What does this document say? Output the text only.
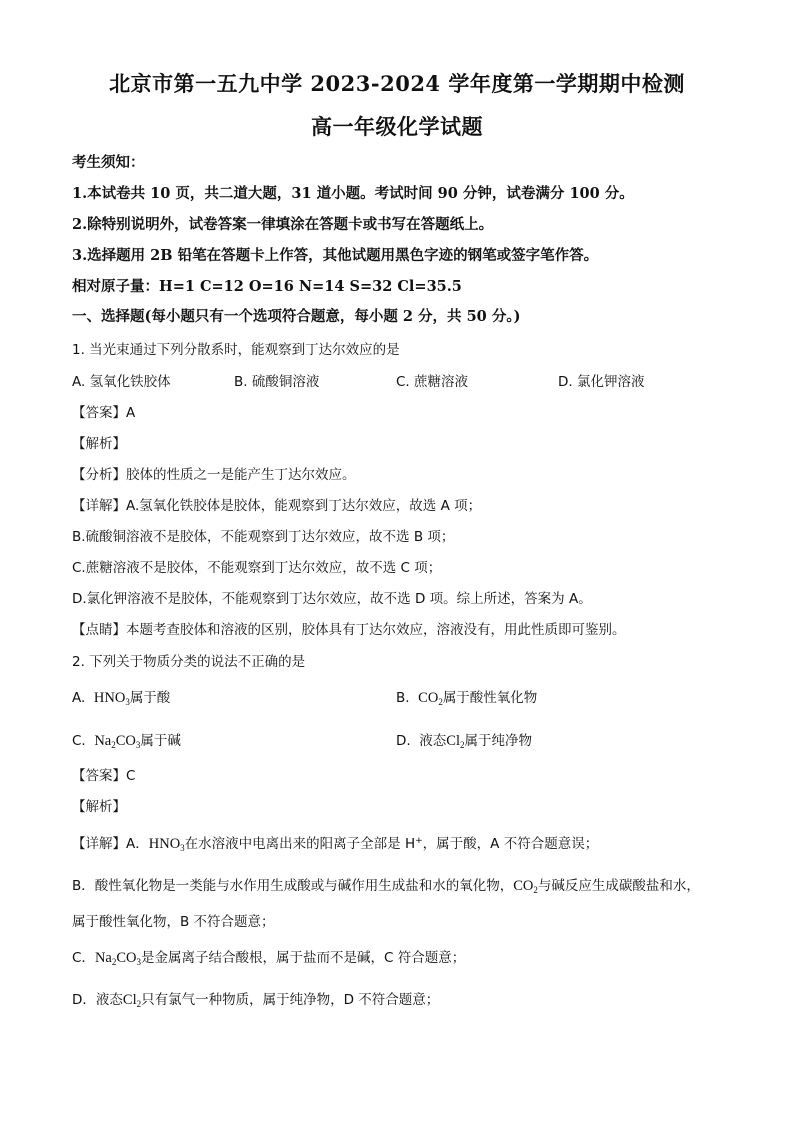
北京市第一五九中学 2023-2024 学年度第一学期期中检测
高一年级化学试题
考生须知：
1.本试卷共 10 页，共二道大题，31 道小题。考试时间 90 分钟，试卷满分 100 分。
2.除特别说明外，试卷答案一律填涂在答题卡或书写在答题纸上。
3.选择题用 2B 铅笔在答题卡上作答，其他试题用黑色字迹的钢笔或签字笔作答。
相对原子量：H=1 C=12 O=16 N=14 S=32 Cl=35.5
一、选择题(每小题只有一个选项符合题意，每小题 2 分，共 50 分。)
1. 当光束通过下列分散系时，能观察到丁达尔效应的是
A. 氢氧化铁胶体	B. 硫酸铜溶液	C. 蔗糖溶液	D. 氯化钾溶液
【答案】A
【解析】
【分析】胶体的性质之一是能产生丁达尔效应。
【详解】A.氢氧化铁胶体是胶体，能观察到丁达尔效应，故选 A 项；
B.硫酸铜溶液不是胶体，不能观察到丁达尔效应，故不选 B 项；
C.蔗糖溶液不是胶体，不能观察到丁达尔效应，故不选 C 项；
D.氯化钾溶液不是胶体，不能观察到丁达尔效应，故不选 D 项。综上所述，答案为 A。
【点睛】本题考查胶体和溶液的区别，胶体具有丁达尔效应，溶液没有，用此性质即可鉴别。
2. 下列关于物质分类的说法不正确的是
A. $HNO_3$属于酸	B. $CO_2$属于酸性氧化物
C. $Na_2CO_3$属于碱	D. 液态$Cl_2$属于纯净物
【答案】C
【解析】
【详解】A．$HNO_3$在水溶液中电离出来的阳离子全部是 H+，属于酸，A 不符合题意误；
B．酸性氧化物是一类能与水作用生成酸或与碱作用生成盐和水的氧化物，$CO_2$与碱反应生成碳酸盐和水，
属于酸性氧化物，B 不符合题意；
C．$Na_2CO_3$是金属离子结合酸根，属于盐而不是碱，C 符合题意；
D．液态$Cl_2$只有氯气一种物质，属于纯净物，D 不符合题意；
